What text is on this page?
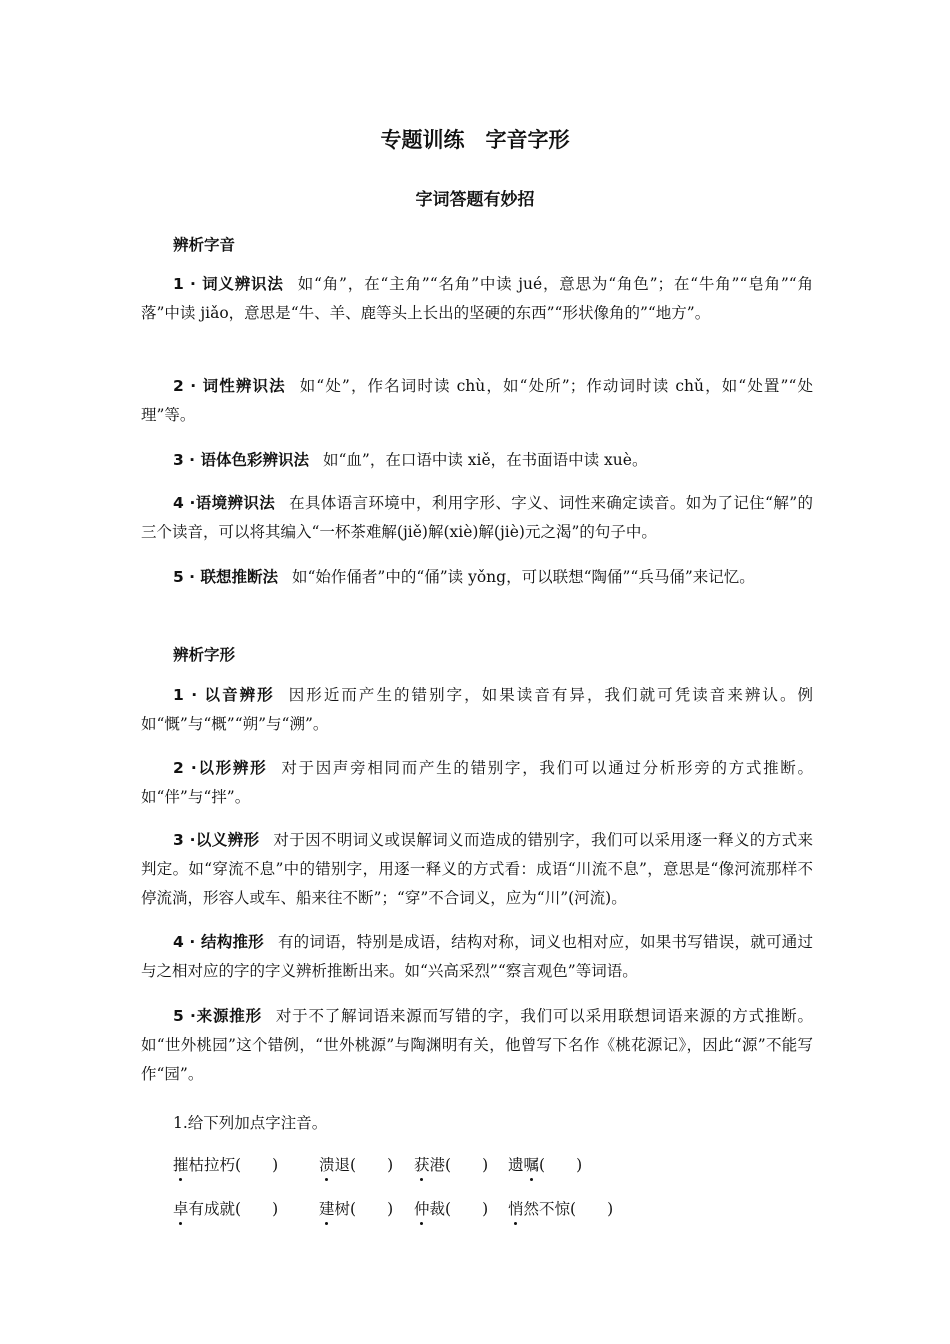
专题训练　字音字形
字词答题有妙招
辨析字音

1 · 词义辨识法 如“角”，在“主角”“名角”中读 jué，意思为“角色”；在“牛角”“皂角”“角落”中读 jiǎo，意思是“牛、羊、鹿等头上长出的坚硬的东西”“形状像角的”“地方”。

2 · 词性辨识法 如“处”，作名词时读 chù，如“处所”；作动词时读 chǔ，如“处置”“处理”等。

3 · 语体色彩辨识法 如“血”，在口语中读 xiě，在书面语中读 xuè。

4 ·语境辨识法 在具体语言环境中，利用字形、字义、词性来确定读音。如为了记住“解”的三个读音，可以将其编入“一杯茶难解(jiě)解(xiè)解(jiè)元之渴”的句子中。

5 · 联想推断法 如“始作俑者”中的“俑”读 yǒng，可以联想“陶俑”“兵马俑”来记忆。

辨析字形

1 · 以音辨形 因形近而产生的错别字，如果读音有异，我们就可凭读音来辨认。例如“慨”与“概”“朔”与“溯”。

2 ·以形辨形 对于因声旁相同而产生的错别字，我们可以通过分析形旁的方式推断。如“伴”与“拌”。

3 ·以义辨形 对于因不明词义或误解词义而造成的错别字，我们可以采用逐一释义的方式来判定。如“穿流不息”中的错别字，用逐一释义的方式看：成语“川流不息”，意思是“像河流那样不停流淌，形容人或车、船来往不断”；“穿”不合词义，应为“川”(河流)。

4 · 结构推形 有的词语，特别是成语，结构对称，词义也相对应，如果书写错误，就可通过与之相对应的字的字义辨析推断出来。如“兴高采烈”“察言观色”等词语。

5 ·来源推形 对于不了解词语来源而写错的字，我们可以采用联想词语来源的方式推断。如“世外桃园”这个错例，“世外桃源”与陶渊明有关，他曾写下名作《桃花源记》，因此“源”不能写作“园”。

1.给下列加点字注音。
摧枯拉朽(　　)	溃退(　　) 获港(　　) 遗嘱(　　)
卓有成就(　　)	建树(　　) 仲裁(　　) 悄然不惊(　　)
